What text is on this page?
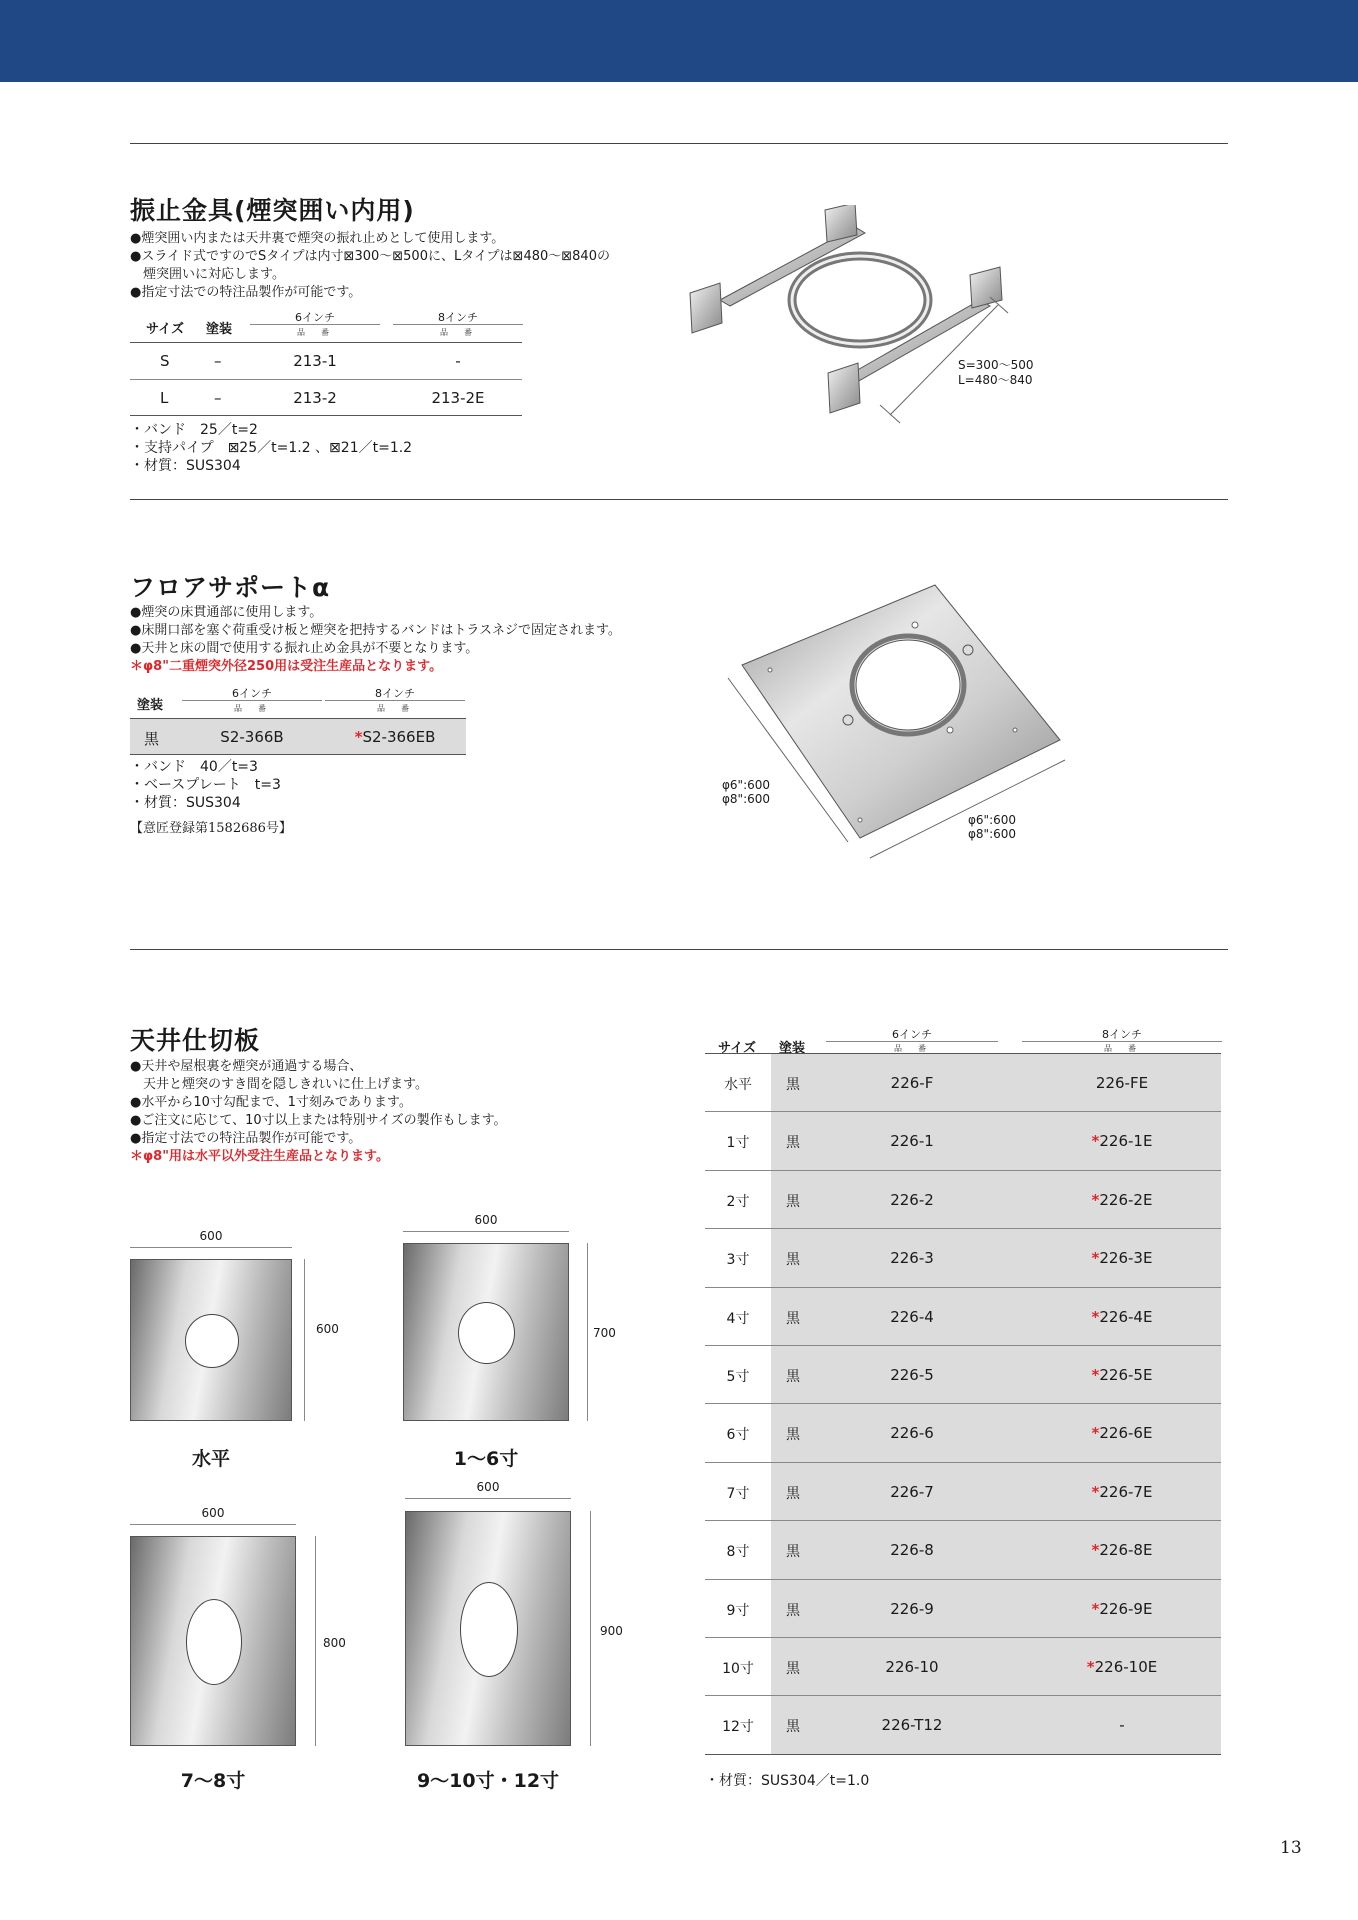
振止金具(煙突囲い内用)
●煙突囲い内または天井裏で煙突の振れ止めとして使用します。
●スライド式ですのでSタイプは内寸⊠300〜⊠500に、Lタイプは⊠480〜⊠840の
　煙突囲いに対応します。
●指定寸法での特注品製作が可能です。
サイズ 塗装
6インチ
品　番
8インチ
品　番
S	–	213-1	-
L	–	213-2	213-2E
・バンド　25／t=2
・支持パイプ　⊠25／t=1.2 、⊠21／t=1.2
・材質：SUS304
S=300〜500
L=480〜840
フロアサポートα
●煙突の床貫通部に使用します。
●床開口部を塞ぐ荷重受け板と煙突を把持するバンドはトラスネジで固定されます。
●天井と床の間で使用する振れ止め金具が不要となります。
＊φ8"二重煙突外径250用は受注生産品となります。
塗装
6インチ
品　番
8インチ
品　番
黒	S2-366B	*S2-366EB
・バンド　40／t=3
・ベースプレート　t=3
・材質：SUS304
【意匠登録第1582686号】
φ6":600
φ8":600
φ6":600
φ8":600
天井仕切板
●天井や屋根裏を煙突が通過する場合、
　天井と煙突のすき間を隠しきれいに仕上げます。
●水平から10寸勾配まで、1寸刻みであります。
●ご注文に応じて、10寸以上または特別サイズの製作もします。
●指定寸法での特注品製作が可能です。
＊φ8"用は水平以外受注生産品となります。
600
600
水平
600
700
1〜6寸
600
800
7〜8寸
600
900
9〜10寸・12寸
サイズ 塗装
6インチ
品　番
8インチ
品　番
水平	黒	226-F	226-FE
1寸	黒	226-1	*226-1E
2寸	黒	226-2	*226-2E
3寸	黒	226-3	*226-3E
4寸	黒	226-4	*226-4E
5寸	黒	226-5	*226-5E
6寸	黒	226-6	*226-6E
7寸	黒	226-7	*226-7E
8寸	黒	226-8	*226-8E
9寸	黒	226-9	*226-9E
10寸	黒	226-10	*226-10E
12寸	黒	226-T12	-
・材質：SUS304／t=1.0
13
